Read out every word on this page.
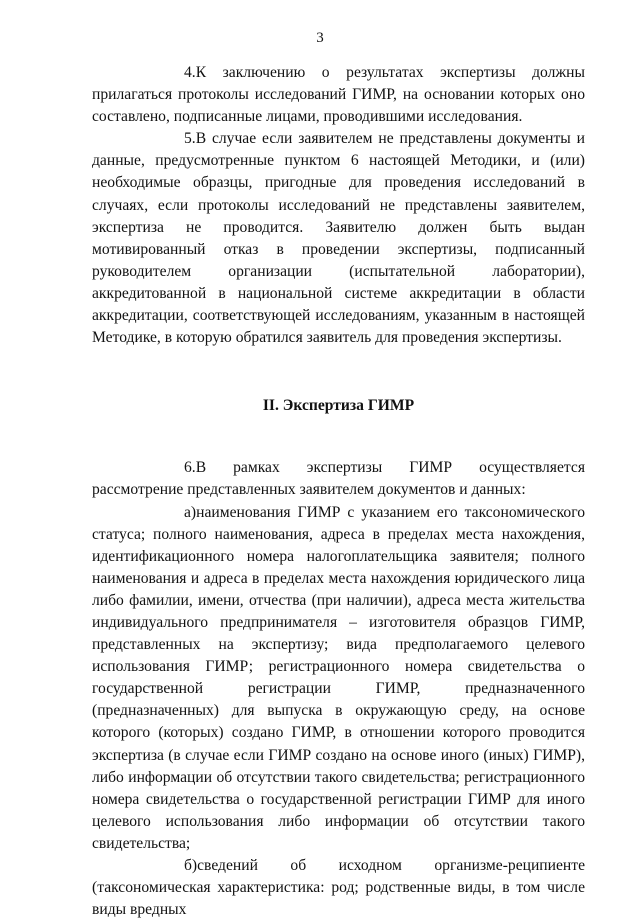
3

4.К заключению о результатах экспертизы должны прилагаться протоколы исследований ГИМР, на основании которых оно составлено, подписанные лицами, проводившими исследования.

5.В случае если заявителем не представлены документы и данные, предусмотренные пунктом 6 настоящей Методики, и (или) необходимые образцы, пригодные для проведения исследований в случаях, если протоколы исследований не представлены заявителем, экспертиза не проводится. Заявителю должен быть выдан мотивированный отказ в проведении экспертизы, подписанный руководителем организации (испытательной лаборатории), аккредитованной в национальной системе аккредитации в области аккредитации, соответствующей исследованиям, указанным в настоящей Методике, в которую обратился заявитель для проведения экспертизы.

II. Экспертиза ГИМР

6.В рамках экспертизы ГИМР осуществляется рассмотрение представленных заявителем документов и данных:

а)наименования ГИМР с указанием его таксономического статуса; полного наименования, адреса в пределах места нахождения, идентификационного номера налогоплательщика заявителя; полного наименования и адреса в пределах места нахождения юридического лица либо фамилии, имени, отчества (при наличии), адреса места жительства индивидуального предпринимателя – изготовителя образцов ГИМР, представленных на экспертизу; вида предполагаемого целевого использования ГИМР; регистрационного номера свидетельства о государственной регистрации ГИМР, предназначенного (предназначенных) для выпуска в окружающую среду, на основе которого (которых) создано ГИМР, в отношении которого проводится экспертиза (в случае если ГИМР создано на основе иного (иных) ГИМР), либо информации об отсутствии такого свидетельства; регистрационного номера свидетельства о государственной регистрации ГИМР для иного целевого использования либо информации об отсутствии такого свидетельства;

б)сведений об исходном организме-реципиенте (таксономическая характеристика: род; родственные виды, в том числе виды вредных
